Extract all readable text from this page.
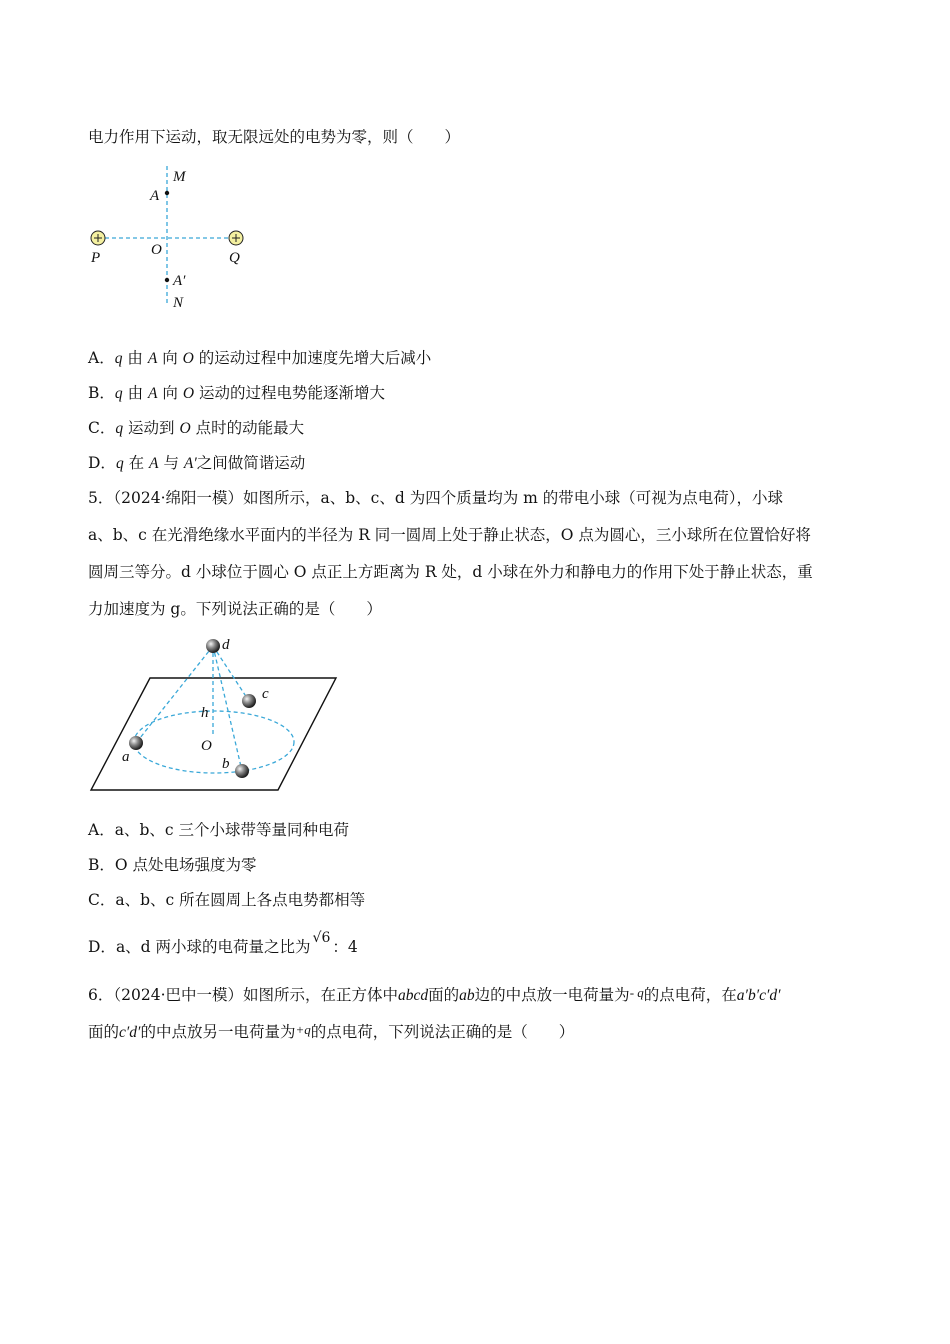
电力作用下运动，取无限远处的电势为零，则（　　）
M
A
P	O	Q
A′
N
A．q 由 A 向 O 的运动过程中加速度先增大后减小
B．q 由 A 向 O 运动的过程电势能逐渐增大
C．q 运动到 O 点时的动能最大
D．q 在 A 与 A′之间做简谐运动
5．（2024·绵阳一模）如图所示，a、b、c、d 为四个质量均为 m 的带电小球（可视为点电荷），小球
a、b、c 在光滑绝缘水平面内的半径为 R 同一圆周上处于静止状态，O 点为圆心，三小球所在位置恰好将
圆周三等分。d 小球位于圆心 O 点正上方距离为 R 处，d 小球在外力和静电力的作用下处于静止状态，重
力加速度为 g。下列说法正确的是（　　）
d
c
h
O
a	b
A．a、b、c 三个小球带等量同种电荷
B．O 点处电场强度为零
C．a、b、c 所在圆周上各点电势都相等
D．a、d 两小球的电荷量之比为 √6 ：4
6．（2024·巴中一模）如图所示，在正方体中abcd面的ab边的中点放一电荷量为- q的点电荷，在a′b′c′d′
面的c′d′的中点放另一电荷量为+q的点电荷，下列说法正确的是（　　）
